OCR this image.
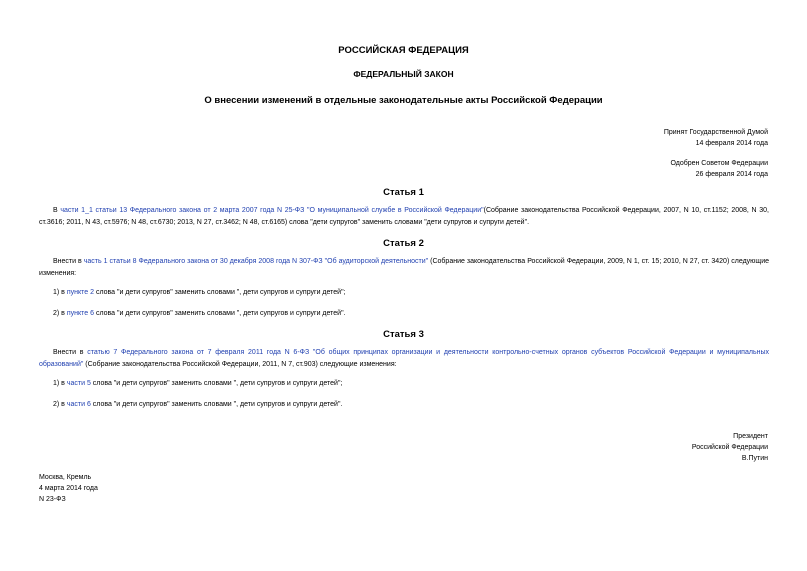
РОССИЙСКАЯ ФЕДЕРАЦИЯ
ФЕДЕРАЛЬНЫЙ ЗАКОН
О внесении изменений в отдельные законодательные акты Российской Федерации
Принят Государственной Думой
14 февраля 2014 года
Одобрен Советом Федерации
26 февраля 2014 года
Статья 1
В части 1_1 статьи 13 Федерального закона от 2 марта 2007 года N 25-ФЗ "О муниципальной службе в Российской Федерации"(Собрание законодательства Российской Федерации, 2007, N 10, ст.1152; 2008, N 30, ст.3616; 2011, N 43, ст.5976; N 48, ст.6730; 2013, N 27, ст.3462; N 48, ст.6165) слова "дети супругов" заменить словами "дети супругов и супруги детей".
Статья 2
Внести в часть 1 статьи 8 Федерального закона от 30 декабря 2008 года N 307-ФЗ "Об аудиторской деятельности" (Собрание законодательства Российской Федерации, 2009, N 1, ст. 15; 2010, N 27, ст. 3420) следующие изменения:
1) в пункте 2 слова "и дети супругов" заменить словами ", дети супругов и супруги детей";
2) в пункте 6 слова "и дети супругов" заменить словами ", дети супругов и супруги детей".
Статья 3
Внести в статью 7 Федерального закона от 7 февраля 2011 года N 6-ФЗ "Об общих принципах организации и деятельности контрольно-счетных органов субъектов Российской Федерации и муниципальных образований" (Собрание законодательства Российской Федерации, 2011, N 7, ст.903) следующие изменения:
1) в части 5 слова "и дети супругов" заменить словами ", дети супругов и супруги детей";
2) в части 6 слова "и дети супругов" заменить словами ", дети супругов и супруги детей".
Президент
Российской Федерации
В.Путин
Москва, Кремль
4 марта 2014 года
N 23-ФЗ
